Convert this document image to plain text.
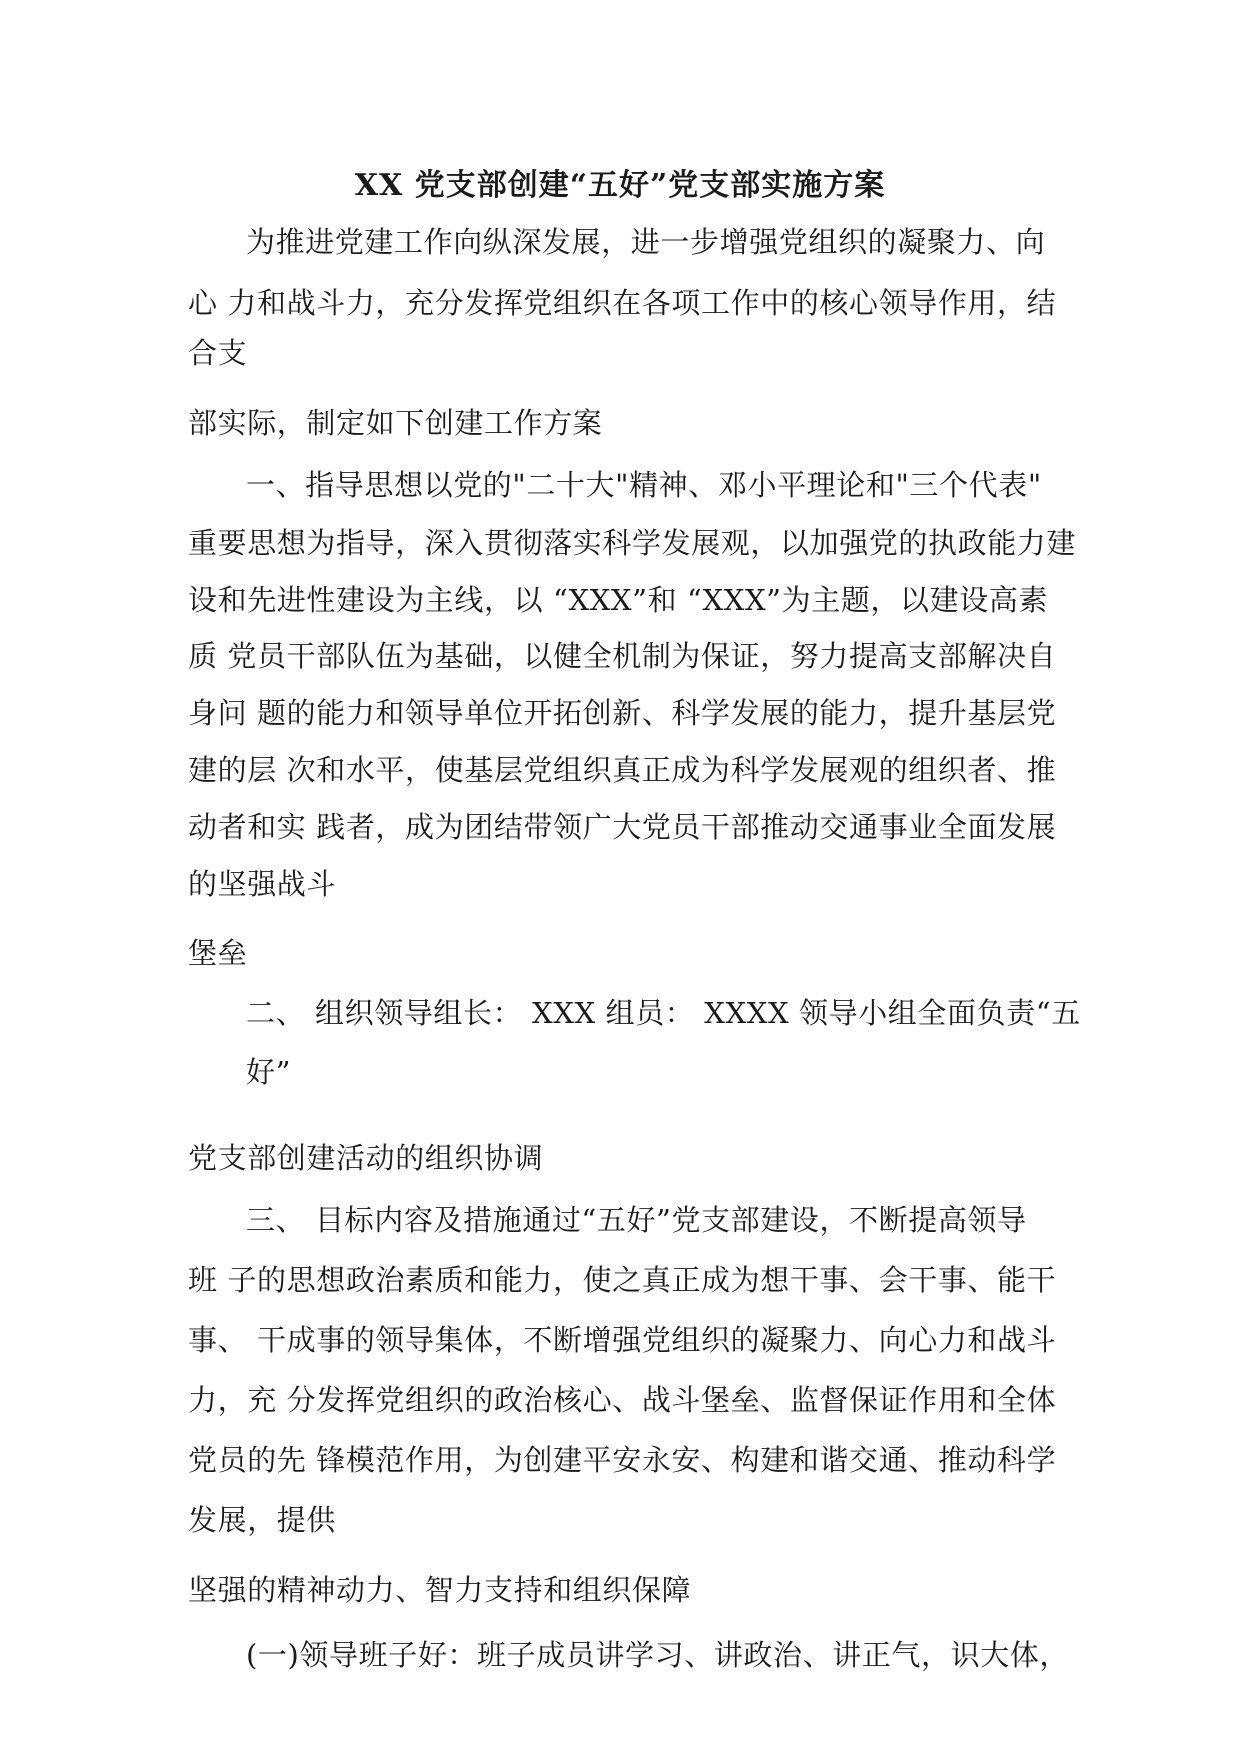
XX 党支部创建“五好”党支部实施方案

为推进党建工作向纵深发展，进一步增强党组织的凝聚力、向

心 力和战斗力，充分发挥党组织在各项工作中的核心领导作用，结

合支

部实际，制定如下创建工作方案

一、指导思想以党的"二十大"精神、邓小平理论和"三个代表"

重要思想为指导，深入贯彻落实科学发展观，以加强党的执政能力建

设和先进性建设为主线，以 “XXX”和 “XXX”为主题，以建设高素

质 党员干部队伍为基础，以健全机制为保证，努力提高支部解决自

身问 题的能力和领导单位开拓创新、科学发展的能力，提升基层党

建的层 次和水平，使基层党组织真正成为科学发展观的组织者、推

动者和实 践者，成为团结带领广大党员干部推动交通事业全面发展

的坚强战斗

堡垒

二、 组织领导组长： XXX 组员： XXXX 领导小组全面负责“五

好”

党支部创建活动的组织协调

三、 目标内容及措施通过“五好”党支部建设，不断提高领导

班 子的思想政治素质和能力，使之真正成为想干事、会干事、能干

事、 干成事的领导集体，不断增强党组织的凝聚力、向心力和战斗

力，充 分发挥党组织的政治核心、战斗堡垒、监督保证作用和全体

党员的先 锋模范作用，为创建平安永安、构建和谐交通、推动科学

发展，提供

坚强的精神动力、智力支持和组织保障

(一)领导班子好：班子成员讲学习、讲政治、讲正气，识大体，
